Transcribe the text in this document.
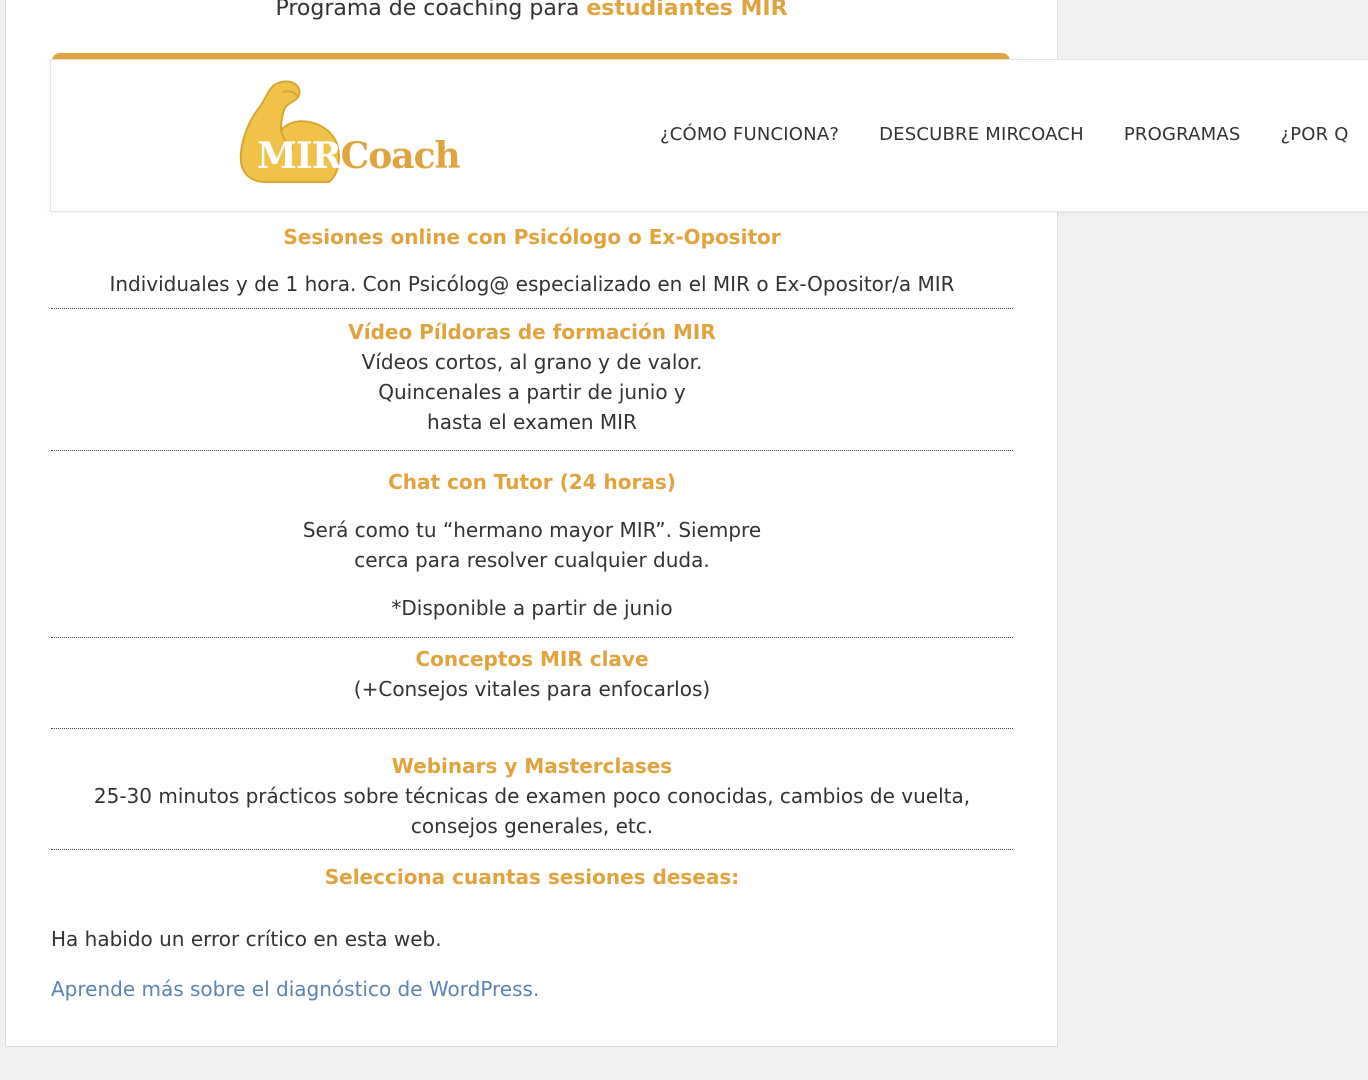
Programa de coaching para estudiantes MIR
MIRCoach
¿CÓMO FUNCIONA? DESCUBRE MIRCOACH PROGRAMAS ¿POR Q
Sesiones online con Psicólogo o Ex-Opositor
Individuales y de 1 hora. Con Psicólog@ especializado en el MIR o Ex-Opositor/a MIR
Vídeo Píldoras de formación MIR
Vídeos cortos, al grano y de valor.
Quincenales a partir de junio y
hasta el examen MIR
Chat con Tutor (24 horas)
Será como tu “hermano mayor MIR”. Siempre
cerca para resolver cualquier duda.
*Disponible a partir de junio
Conceptos MIR clave
(+Consejos vitales para enfocarlos)
Webinars y Masterclases
25-30 minutos prácticos sobre técnicas de examen poco conocidas, cambios de vuelta,
consejos generales, etc.
Selecciona cuantas sesiones deseas:
Ha habido un error crítico en esta web.
Aprende más sobre el diagnóstico de WordPress.
